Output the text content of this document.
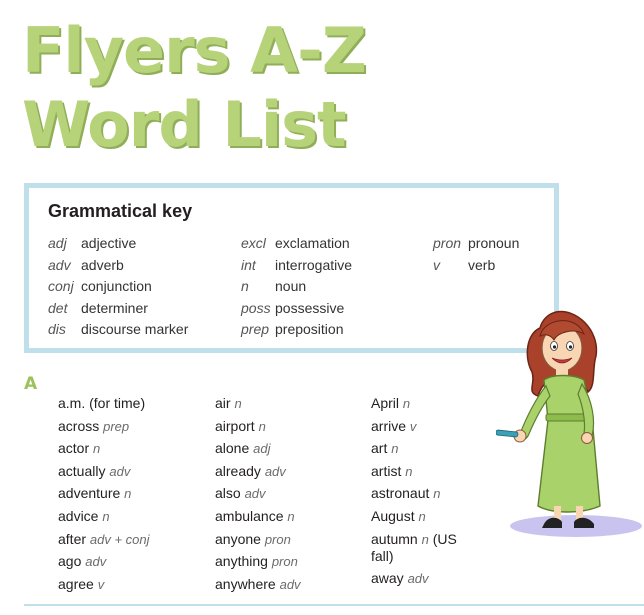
Flyers A-Z
Word List
Grammatical key
adj adjective
adv adverb
conj conjunction
det determiner
dis discourse marker
excl exclamation
int interrogative
n noun
poss possessive
prep preposition
pron pronoun
v verb
A
a.m. (for time)
across prep
actor n
actually adv
adventure n
advice n
after adv + conj
ago adv
agree v
air n
airport n
alone adj
already adv
also adv
ambulance n
anyone pron
anything pron
anywhere adv
April n
arrive v
art n
artist n
astronaut n
August n
autumn n (US fall)
away adv
